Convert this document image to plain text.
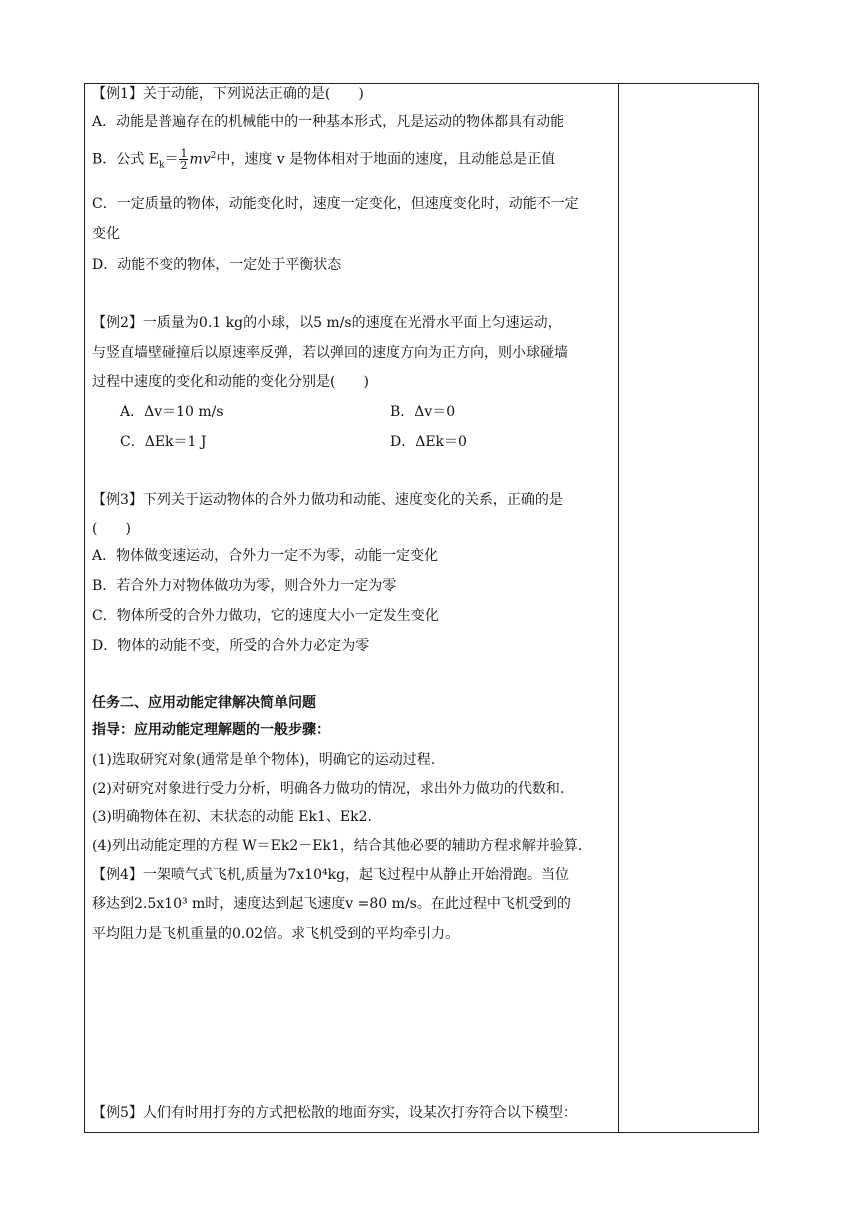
【例1】关于动能，下列说法正确的是(　　)
A．动能是普遍存在的机械能中的一种基本形式，凡是运动的物体都具有动能
B．公式 $E_k= \frac{1}{2} mv^2$中，速度 v 是物体相对于地面的速度，且动能总是正值
C．一定质量的物体，动能变化时，速度一定变化，但速度变化时，动能不一定
变化
D．动能不变的物体，一定处于平衡状态
【例2】一质量为0.1 kg的小球，以5 m/s的速度在光滑水平面上匀速运动，
与竖直墙壁碰撞后以原速率反弹，若以弹回的速度方向为正方向，则小球碰墙
过程中速度的变化和动能的变化分别是(　　)
A．Δv＝10 m/s	B．Δv＝0
C．ΔEk＝1 J	D．ΔEk＝0
【例3】下列关于运动物体的合外力做功和动能、速度变化的关系，正确的是
(　　)
A．物体做变速运动，合外力一定不为零，动能一定变化
B．若合外力对物体做功为零，则合外力一定为零
C．物体所受的合外力做功，它的速度大小一定发生变化
D．物体的动能不变，所受的合外力必定为零
任务二、应用动能定律解决简单问题
指导：应用动能定理解题的一般步骤：
(1)选取研究对象(通常是单个物体)，明确它的运动过程.
(2)对研究对象进行受力分析，明确各力做功的情况，求出外力做功的代数和.
(3)明确物体在初、末状态的动能 Ek1、Ek2.
(4)列出动能定理的方程 W＝Ek2－Ek1，结合其他必要的辅助方程求解并验算.
【例4】一架喷气式飞机,质量为7x10⁴kg，起飞过程中从静止开始滑跑。当位
移达到2.5x10³ m时，速度达到起飞速度v =80 m/s。在此过程中飞机受到的
平均阻力是飞机重量的0.02倍。求飞机受到的平均牵引力。
【例5】人们有时用打夯的方式把松散的地面夯实，设某次打夯符合以下模型：
